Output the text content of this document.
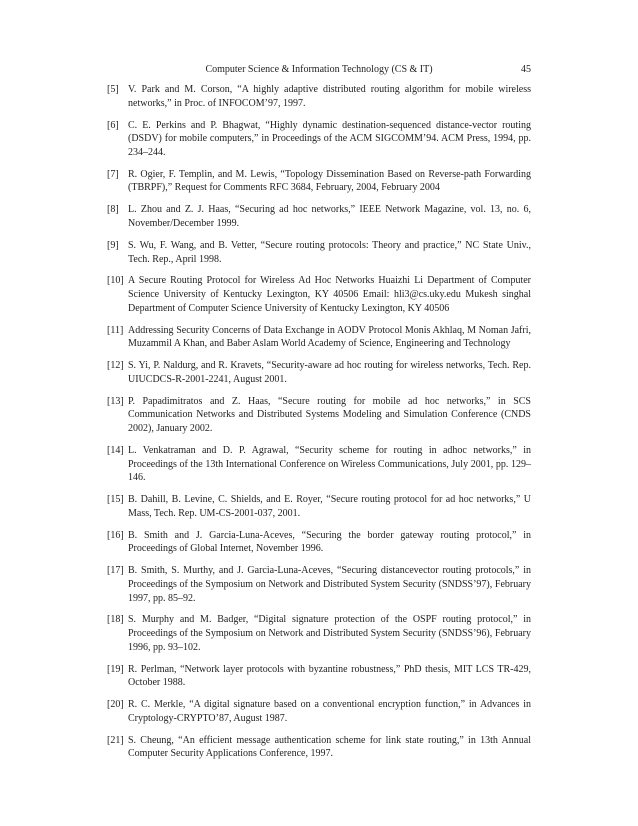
Computer Science & Information Technology (CS & IT)	45
[5] V. Park and M. Corson, “A highly adaptive distributed routing algorithm for mobile wireless networks,” in Proc. of INFOCOM’97, 1997.
[6] C. E. Perkins and P. Bhagwat, “Highly dynamic destination-sequenced distance-vector routing (DSDV) for mobile computers,” in Proceedings of the ACM SIGCOMM’94. ACM Press, 1994, pp. 234–244.
[7] R. Ogier, F. Templin, and M. Lewis, “Topology Dissemination Based on Reverse-path Forwarding (TBRPF),” Request for Comments RFC 3684, February, 2004, February 2004
[8] L. Zhou and Z. J. Haas, “Securing ad hoc networks,” IEEE Network Magazine, vol. 13, no. 6, November/December 1999.
[9] S. Wu, F. Wang, and B. Vetter, “Secure routing protocols: Theory and practice,” NC State Univ., Tech. Rep., April 1998.
[10] A Secure Routing Protocol for Wireless Ad Hoc Networks Huaizhi Li Department of Computer Science University of Kentucky Lexington, KY 40506 Email: hli3@cs.uky.edu Mukesh singhal Department of Computer Science University of Kentucky Lexington, KY 40506
[11] Addressing Security Concerns of Data Exchange in AODV Protocol Monis Akhlaq, M Noman Jafri, Muzammil A Khan, and Baber Aslam World Academy of Science, Engineering and Technology
[12] S. Yi, P. Naldurg, and R. Kravets, “Security-aware ad hoc routing for wireless networks, Tech. Rep. UIUCDCS-R-2001-2241, August 2001.
[13] P. Papadimitratos and Z. Haas, “Secure routing for mobile ad hoc networks,” in SCS Communication Networks and Distributed Systems Modeling and Simulation Conference (CNDS 2002), January 2002.
[14] L. Venkatraman and D. P. Agrawal, “Security scheme for routing in adhoc networks,” in Proceedings of the 13th International Conference on Wireless Communications, July 2001, pp. 129–146.
[15] B. Dahill, B. Levine, C. Shields, and E. Royer, “Secure routing protocol for ad hoc networks,” U Mass, Tech. Rep. UM-CS-2001-037, 2001.
[16] B. Smith and J. Garcia-Luna-Aceves, “Securing the border gateway routing protocol,” in Proceedings of Global Internet, November 1996.
[17] B. Smith, S. Murthy, and J. Garcia-Luna-Aceves, “Securing distancevector routing protocols,” in Proceedings of the Symposium on Network and Distributed System Security (SNDSS’97), February 1997, pp. 85–92.
[18] S. Murphy and M. Badger, “Digital signature protection of the OSPF routing protocol,” in Proceedings of the Symposium on Network and Distributed System Security (SNDSS’96), February 1996, pp. 93–102.
[19] R. Perlman, “Network layer protocols with byzantine robustness,” PhD thesis, MIT LCS TR-429, October 1988.
[20] R. C. Merkle, “A digital signature based on a conventional encryption function,” in Advances in Cryptology-CRYPTO’87, August 1987.
[21] S. Cheung, “An efficient message authentication scheme for link state routing,” in 13th Annual Computer Security Applications Conference, 1997.
